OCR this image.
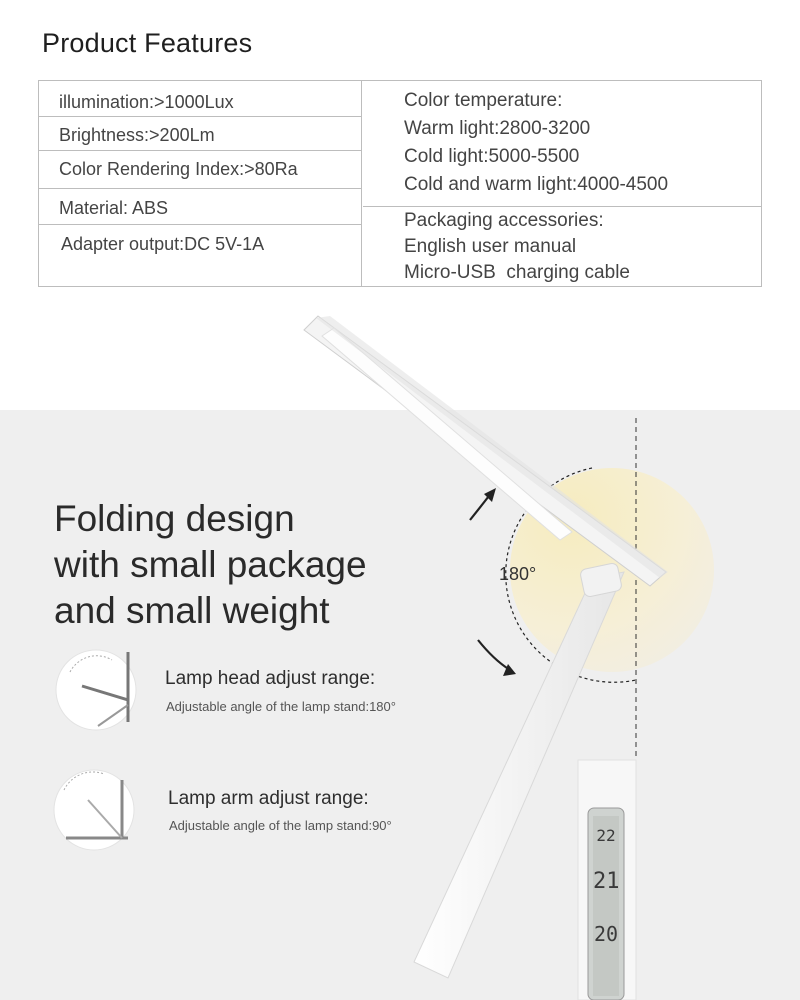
Product Features
illumination:>1000Lux
Brightness:>200Lm
Color Rendering Index:>80Ra
Material: ABS
Adapter output:DC 5V-1A
Color temperature:
Warm light:2800-3200
Cold light:5000-5500
Cold and warm light:4000-4500
Packaging accessories:
English user manual
Micro-USB  charging cable
180°
Folding design
with small package
and small weight
Lamp head adjust range:
Adjustable angle of the lamp stand:180°
Lamp arm adjust range:
Adjustable angle of the lamp stand:90°
22
21
20
